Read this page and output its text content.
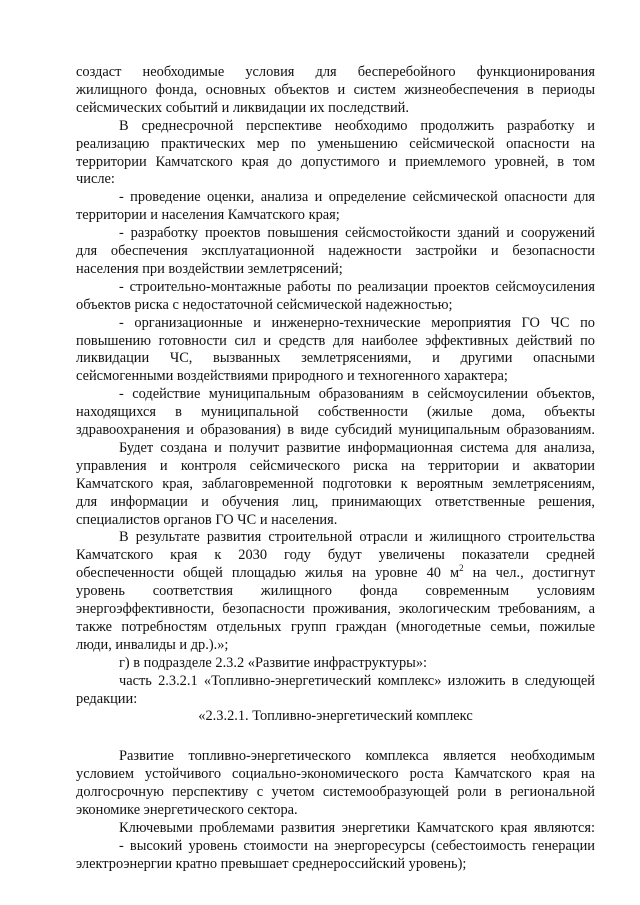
создаст необходимые условия для бесперебойного функционирования
жилищного фонда, основных объектов и систем жизнеобеспечения в периоды
сейсмических событий и ликвидации их последствий.
В среднесрочной перспективе необходимо продолжить разработку и
реализацию практических мер по уменьшению сейсмической опасности на
территории Камчатского края до допустимого и приемлемого уровней, в том
числе:
- проведение оценки, анализа и определение сейсмической опасности для
территории и населения Камчатского края;
- разработку проектов повышения сейсмостойкости зданий и сооружений
для обеспечения эксплуатационной надежности застройки и безопасности
населения при воздействии землетрясений;
- строительно-монтажные работы по реализации проектов сейсмоусиления
объектов риска с недостаточной сейсмической надежностью;
- организационные и инженерно-технические мероприятия ГО ЧС по
повышению готовности сил и средств для наиболее эффективных действий по
ликвидации ЧС, вызванных землетрясениями, и другими опасными
сейсмогенными воздействиями природного и техногенного характера;
- содействие муниципальным образованиям в сейсмоусилении объектов,
находящихся в муниципальной собственности (жилые дома, объекты
здравоохранения и образования) в виде субсидий муниципальным образованиям.
Будет создана и получит развитие информационная система для анализа,
управления и контроля сейсмического риска на территории и акватории
Камчатского края, заблаговременной подготовки к вероятным землетрясениям,
для информации и обучения лиц, принимающих ответственные решения,
специалистов органов ГО ЧС и населения.
В результате развития строительной отрасли и жилищного строительства
Камчатского края к 2030 году будут увеличены показатели средней
обеспеченности общей площадью жилья на уровне 40 $м^2$ на чел., достигнут
уровень соответствия жилищного фонда современным условиям
энергоэффективности, безопасности проживания, экологическим требованиям, а
также потребностям отдельных групп граждан (многодетные семьи, пожилые
люди, инвалиды и др.).»;
г) в подразделе 2.3.2 «Развитие инфраструктуры»:
часть 2.3.2.1 «Топливно-энергетический комплекс» изложить в следующей
редакции:
«2.3.2.1. Топливно-энергетический комплекс
Развитие топливно-энергетического комплекса является необходимым
условием устойчивого социально-экономического роста Камчатского края на
долгосрочную перспективу с учетом системообразующей роли в региональной
экономике энергетического сектора.
Ключевыми проблемами развития энергетики Камчатского края являются:
- высокий уровень стоимости на энергоресурсы (себестоимость генерации
электроэнергии кратно превышает среднероссийский уровень);
